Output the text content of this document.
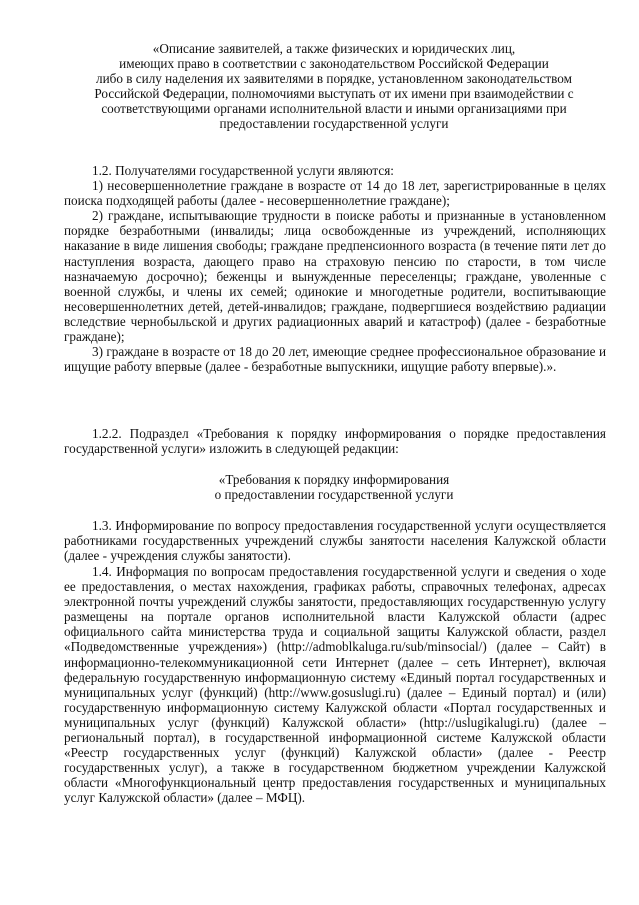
«Описание заявителей, а также физических и юридических лиц,
имеющих право в соответствии с законодательством Российской Федерации
либо в силу наделения их заявителями в порядке, установленном законодательством
Российской Федерации, полномочиями выступать от их имени при взаимодействии с
соответствующими органами исполнительной власти и иными организациями при
предоставлении государственной услуги

1.2. Получателями государственной услуги являются:

1) несовершеннолетние граждане в возрасте от 14 до 18 лет, зарегистрированные в целях поиска подходящей работы (далее - несовершеннолетние граждане);

2) граждане, испытывающие трудности в поиске работы и признанные в установленном порядке безработными (инвалиды; лица освобожденные из учреждений, исполняющих наказание в виде лишения свободы; граждане предпенсионного возраста (в течение пяти лет до наступления возраста, дающего право на страховую пенсию по старости, в том числе назначаемую досрочно); беженцы и вынужденные переселенцы; граждане, уволенные с военной службы, и члены их семей; одинокие и многодетные родители, воспитывающие несовершеннолетних детей, детей-инвалидов; граждане, подвергшиеся воздействию радиации вследствие чернобыльской и других радиационных аварий и катастроф) (далее - безработные граждане);

3) граждане в возрасте от 18 до 20 лет, имеющие среднее профессиональное образование и ищущие работу впервые (далее - безработные выпускники, ищущие работу впервые).».

1.2.2. Подраздел «Требования к порядку информирования о порядке предоставления государственной услуги» изложить в следующей редакции:

«Требования к порядку информирования
о предоставлении государственной услуги

1.3. Информирование по вопросу предоставления государственной услуги осуществляется работниками государственных учреждений службы занятости населения Калужской области (далее - учреждения службы занятости).

1.4. Информация по вопросам предоставления государственной услуги и сведения о ходе ее предоставления, о местах нахождения, графиках работы, справочных телефонах, адресах электронной почты учреждений службы занятости, предоставляющих государственную услугу размещены на портале органов исполнительной власти Калужской области (адрес официального сайта министерства труда и социальной защиты Калужской области, раздел «Подведомственные учреждения») (http://admoblkaluga.ru/sub/minsocial/) (далее – Сайт) в информационно-телекоммуникационной сети Интернет (далее – сеть Интернет), включая федеральную государственную информационную систему «Единый портал государственных и муниципальных услуг (функций) (http://www.gosuslugi.ru) (далее – Единый портал) и (или) государственную информационную систему Калужской области «Портал государственных и муниципальных услуг (функций) Калужской области» (http://uslugikalugi.ru) (далее – региональный портал), в государственной информационной системе Калужской области «Реестр государственных услуг (функций) Калужской области» (далее - Реестр государственных услуг), а также в государственном бюджетном учреждении Калужской области «Многофункциональный центр предоставления государственных и муниципальных услуг Калужской области» (далее – МФЦ).
